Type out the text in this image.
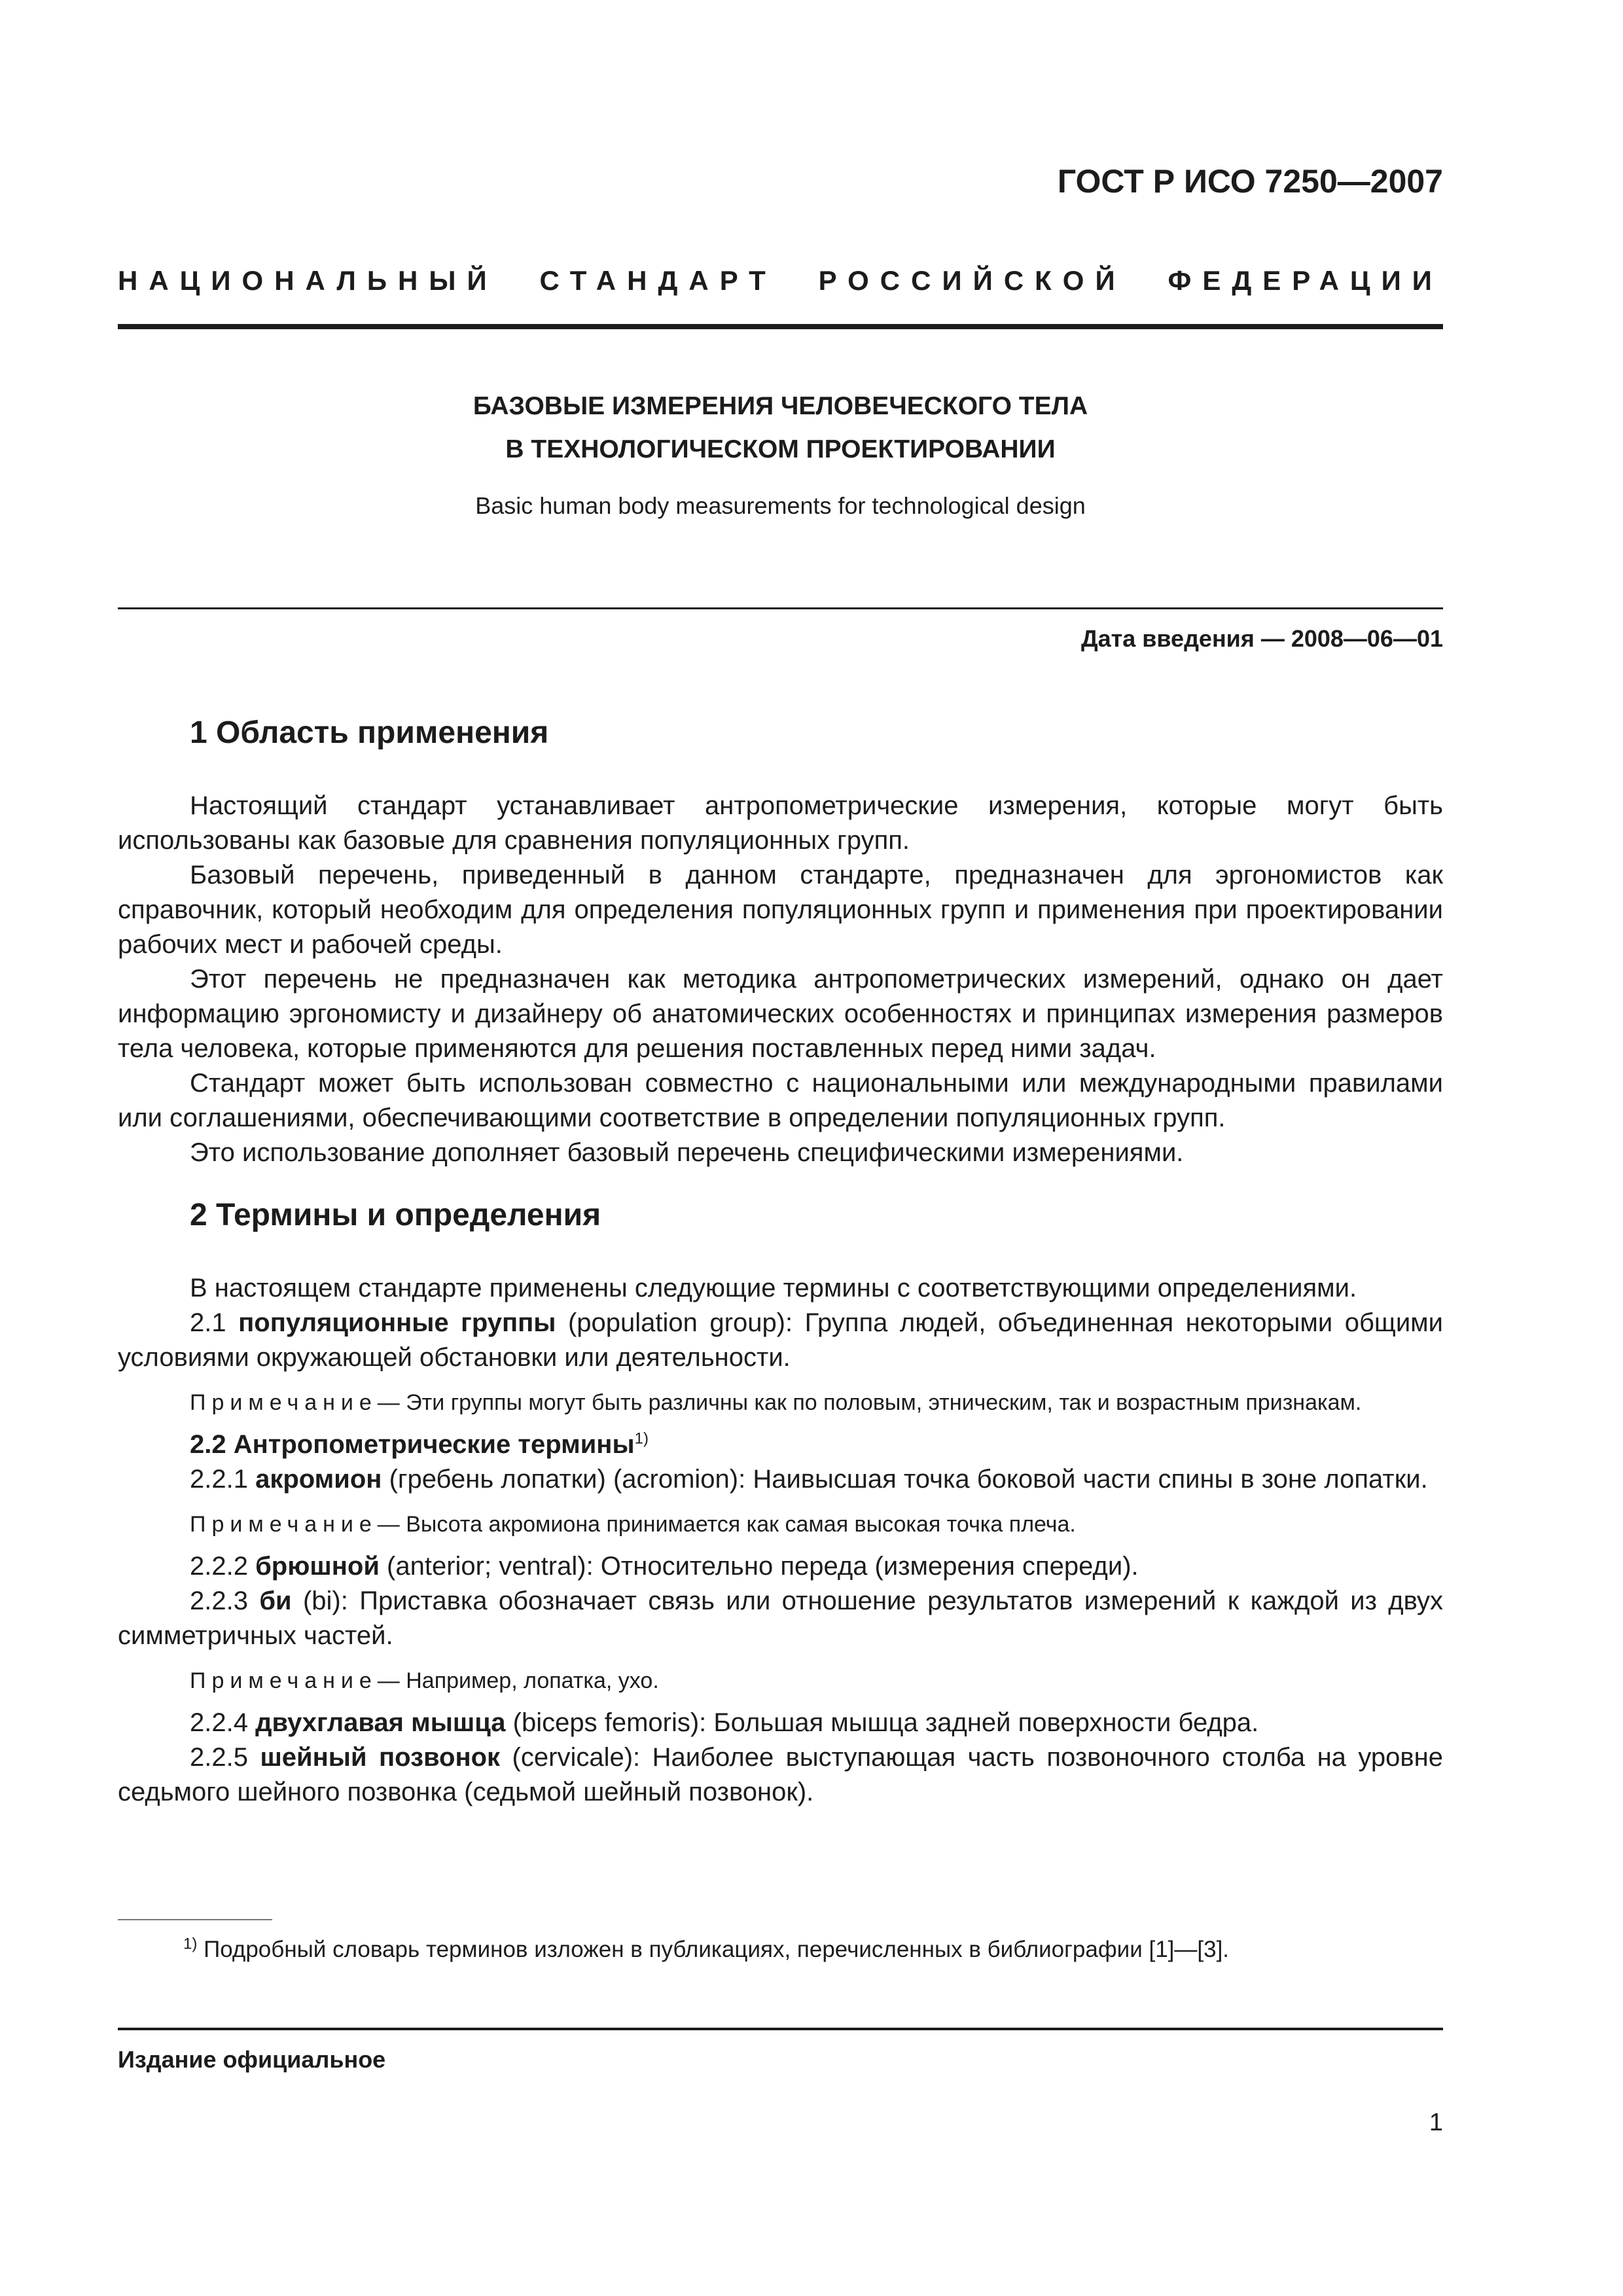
ГОСТ Р ИСО 7250—2007
НАЦИОНАЛЬНЫЙ СТАНДАРТ РОССИЙСКОЙ ФЕДЕРАЦИИ
БАЗОВЫЕ ИЗМЕРЕНИЯ ЧЕЛОВЕЧЕСКОГО ТЕЛА
В ТЕХНОЛОГИЧЕСКОМ ПРОЕКТИРОВАНИИ
Basic human body measurements for technological design
Дата введения — 2008—06—01
1 Область применения

Настоящий стандарт устанавливает антропометрические измерения, которые могут быть использованы как базовые для сравнения популяционных групп.

Базовый перечень, приведенный в данном стандарте, предназначен для эргономистов как справочник, который необходим для определения популяционных групп и применения при проектировании рабочих мест и рабочей среды.

Этот перечень не предназначен как методика антропометрических измерений, однако он дает информацию эргономисту и дизайнеру об анатомических особенностях и принципах измерения размеров тела человека, которые применяются для решения поставленных перед ними задач.

Стандарт может быть использован совместно с национальными или международными правилами или соглашениями, обеспечивающими соответствие в определении популяционных групп.

Это использование дополняет базовый перечень специфическими измерениями.

2 Термины и определения

В настоящем стандарте применены следующие термины с соответствующими определениями.

2.1 популяционные группы (population group): Группа людей, объединенная некоторыми общими условиями окружающей обстановки или деятельности.

Примечание— Эти группы могут быть различны как по половым, этническим, так и возрастным признакам.

2.2 Антропометрические термины$^{1)}$

2.2.1 акромион (гребень лопатки) (acromion): Наивысшая точка боковой части спины в зоне лопатки.

Примечание— Высота акромиона принимается как самая высокая точка плеча.

2.2.2 брюшной (anterior; ventral): Относительно переда (измерения спереди).

2.2.3 би (bi): Приставка обозначает связь или отношение результатов измерений к каждой из двух симметричных частей.

Примечание— Например, лопатка, ухо.

2.2.4 двухглавая мышца (biceps femoris): Большая мышца задней поверхности бедра.

2.2.5 шейный позвонок (cervicale): Наиболее выступающая часть позвоночного столба на уровне седьмого шейного позвонка (седьмой шейный позвонок).

$^{1)}$ Подробный словарь терминов изложен в публикациях, перечисленных в библиографии [1]—[3].
Издание официальное
1
